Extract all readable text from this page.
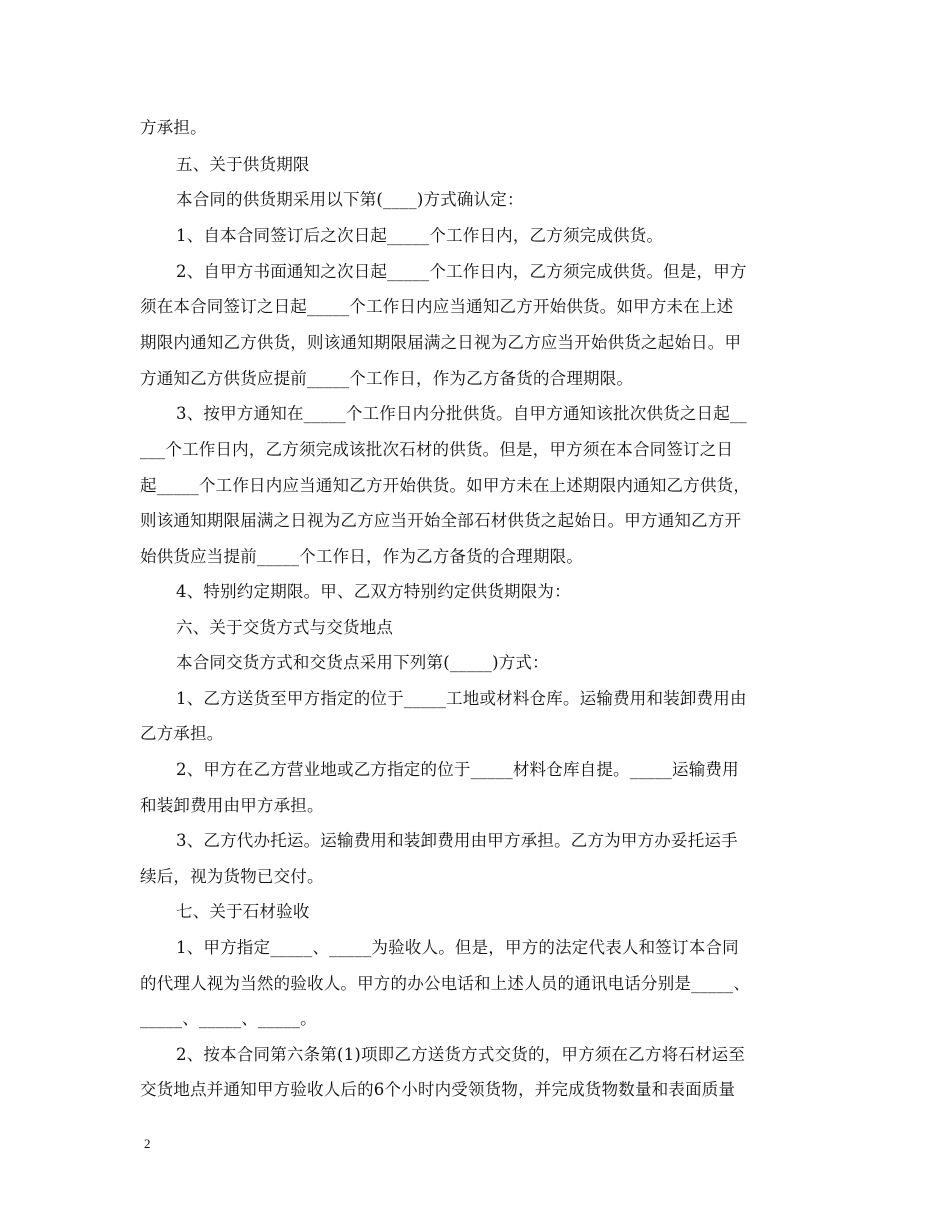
方承担。
五、关于供货期限
本合同的供货期采用以下第(____)方式确认定：
1、自本合同签订后之次日起_____个工作日内，乙方须完成供货。
2、自甲方书面通知之次日起_____个工作日内，乙方须完成供货。但是，甲方
须在本合同签订之日起_____个工作日内应当通知乙方开始供货。如甲方未在上述
期限内通知乙方供货，则该通知期限届满之日视为乙方应当开始供货之起始日。甲
方通知乙方供货应提前_____个工作日，作为乙方备货的合理期限。
3、按甲方通知在_____个工作日内分批供货。自甲方通知该批次供货之日起__
___个工作日内，乙方须完成该批次石材的供货。但是，甲方须在本合同签订之日
起_____个工作日内应当通知乙方开始供货。如甲方未在上述期限内通知乙方供货，
则该通知期限届满之日视为乙方应当开始全部石材供货之起始日。甲方通知乙方开
始供货应当提前_____个工作日，作为乙方备货的合理期限。
4、特别约定期限。甲、乙双方特别约定供货期限为：
六、关于交货方式与交货地点
本合同交货方式和交货点采用下列第(_____)方式：
1、乙方送货至甲方指定的位于_____工地或材料仓库。运输费用和装卸费用由
乙方承担。
2、甲方在乙方营业地或乙方指定的位于_____材料仓库自提。_____运输费用
和装卸费用由甲方承担。
3、乙方代办托运。运输费用和装卸费用由甲方承担。乙方为甲方办妥托运手
续后，视为货物已交付。
七、关于石材验收
1、甲方指定_____、_____为验收人。但是，甲方的法定代表人和签订本合同
的代理人视为当然的验收人。甲方的办公电话和上述人员的通讯电话分别是_____、
_____、_____、_____。
2、按本合同第六条第(1)项即乙方送货方式交货的，甲方须在乙方将石材运至
交货地点并通知甲方验收人后的6个小时内受领货物，并完成货物数量和表面质量
2
